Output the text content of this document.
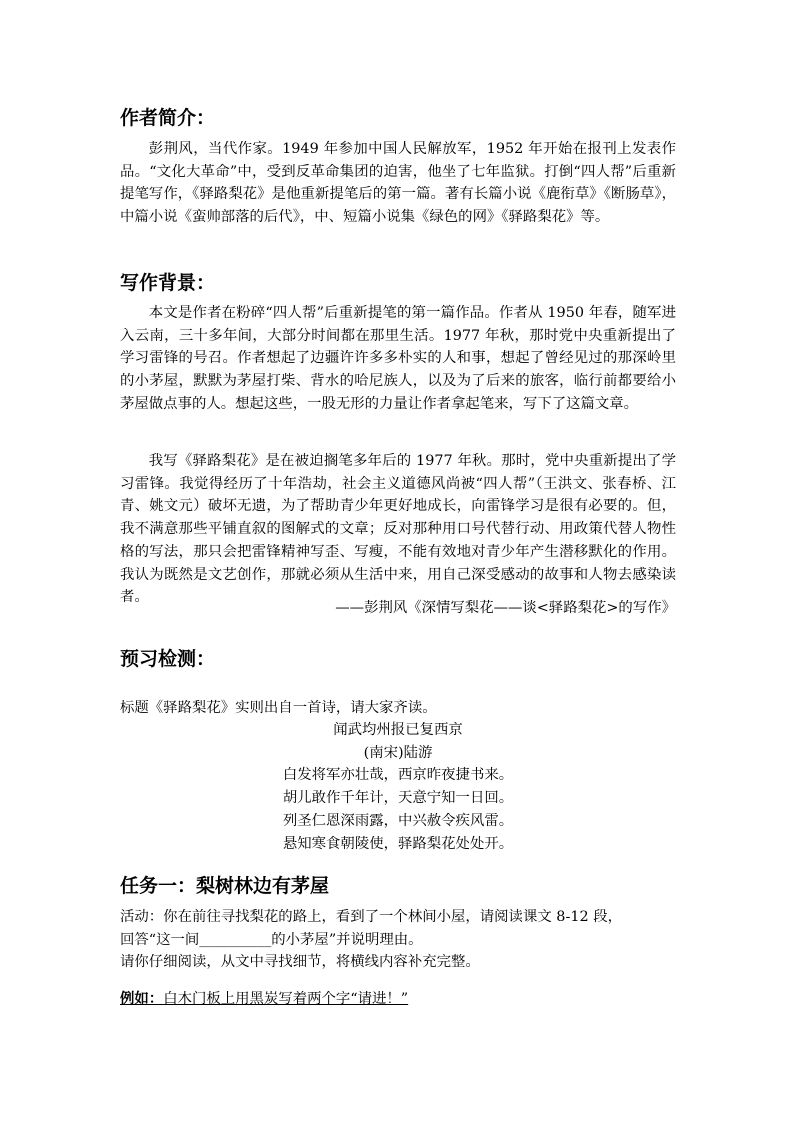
作者简介：

彭荆风，当代作家。1949 年参加中国人民解放军，1952 年开始在报刊上发表作品。“文化大革命”中，受到反革命集团的迫害，他坐了七年监狱。打倒“四人帮”后重新提笔写作，《驿路梨花》是他重新提笔后的第一篇。著有长篇小说《鹿衔草》《断肠草》，中篇小说《蛮帅部落的后代》，中、短篇小说集《绿色的网》《驿路梨花》等。

写作背景：

本文是作者在粉碎“四人帮”后重新提笔的第一篇作品。作者从 1950 年春，随军进入云南，三十多年间，大部分时间都在那里生活。1977 年秋，那时党中央重新提出了学习雷锋的号召。作者想起了边疆许许多多朴实的人和事，想起了曾经见过的那深岭里的小茅屋，默默为茅屋打柴、背水的哈尼族人，以及为了后来的旅客，临行前都要给小茅屋做点事的人。想起这些，一股无形的力量让作者拿起笔来，写下了这篇文章。

我写《驿路梨花》是在被迫搁笔多年后的 1977 年秋。那时，党中央重新提出了学习雷锋。我觉得经历了十年浩劫，社会主义道德风尚被“四人帮”（王洪文、张春桥、江青、姚文元）破坏无遗，为了帮助青少年更好地成长，向雷锋学习是很有必要的。但，我不满意那些平铺直叙的图解式的文章；反对那种用口号代替行动、用政策代替人物性格的写法，那只会把雷锋精神写歪、写瘦，不能有效地对青少年产生潜移默化的作用。我认为既然是文艺创作，那就必须从生活中来，用自己深受感动的故事和人物去感染读者。

——彭荆风《深情写梨花——谈<驿路梨花>的写作》

预习检测：

标题《驿路梨花》实则出自一首诗，请大家齐读。

闻武均州报已复西京
(南宋)陆游
白发将军亦壮哉，西京昨夜捷书来。
胡儿敢作千年计，天意宁知一日回。
列圣仁恩深雨露，中兴赦令疾风雷。
悬知寒食朝陵使，驿路梨花处处开。
任务一：梨树林边有茅屋

活动：你在前往寻找梨花的路上，看到了一个林间小屋，请阅读课文 8-12 段，

回答“这一间__________的小茅屋”并说明理由。

请你仔细阅读，从文中寻找细节，将横线内容补充完整。

例如：白木门板上用黑炭写着两个字“请进！”
